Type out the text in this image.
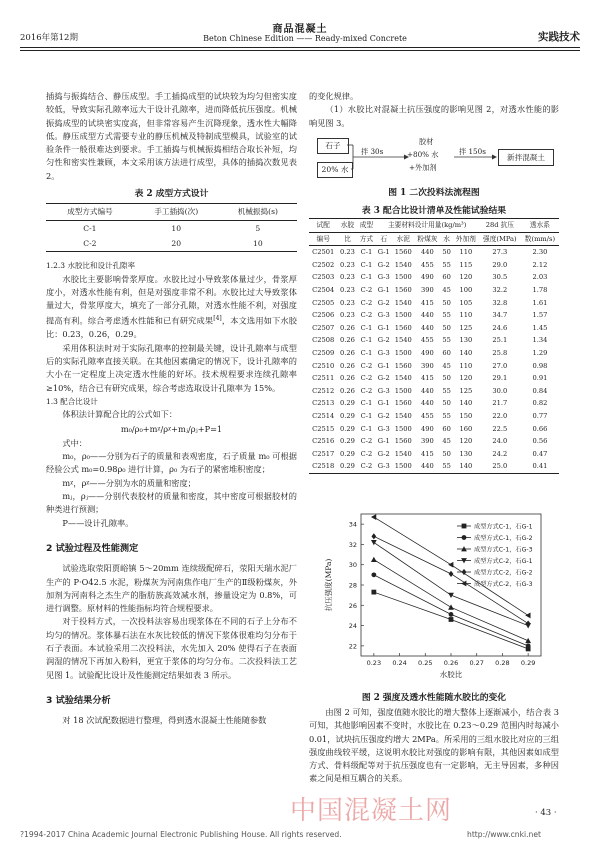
2016年第12期
商品混凝土
Beton Chinese Edition —— Ready-mixed Concrete	实践技术

插捣与振捣结合、静压成型。手工插捣成型的试块较为均匀但密实度较低，导致实际孔隙率远大于设计孔隙率，进而降低抗压强度。机械振捣成型的试块密实度高，但非常容易产生沉降现象，透水性大幅降低。静压成型方式需要专业的静压机械及特制成型模具，试验室的试验条件一般很难达到要求。手工插捣与机械振捣相结合取长补短，均匀性和密实性兼顾，本文采用该方法进行成型，具体的插捣次数见表 2。

表 2 成型方式设计
成型方式编号	手工插捣(次)	机械振捣(s)
C-1	10	5
C-2	20	10
1.2.3 水胶比和设计孔隙率

水胶比主要影响骨浆厚度。水胶比过小导致浆体量过少，骨浆厚度小，对透水性能有利，但是对强度非常不利。水胶比过大导致浆体量过大，骨浆厚度大，填充了一部分孔隙，对透水性能不利，对强度提高有利。综合考虑透水性能和已有研究成果[4]，本文选用如下水胶比：0.23，0.26，0.29。

采用体积法时对于实际孔隙率的控制最关键，设计孔隙率与成型后的实际孔隙率直接关联。在其他因素确定的情况下，设计孔隙率的大小在一定程度上决定透水性能的好坏。技术规程要求连续孔隙率≥10%，结合已有研究成果，综合考虑选取设计孔隙率为 15%。

1.3 配合比设计

体积法计算配合比的公式如下：

m₀/ρ₀+mᵡ/ρᵡ+mⱼ/ρⱼ+P=1

式中：

m₀，ρ₀——分别为石子的质量和表观密度，石子质量 m₀ 可根据经验公式 m₀=0.98ρ₀ 进行计算，ρ₀ 为石子的紧密堆积密度；

mᵡ，ρᵡ——分别为水的质量和密度；

mⱼ，ρⱼ——分别代表胶材的质量和密度，其中密度可根据胶材的种类进行预测；

P——设计孔隙率。

2 试验过程及性能测定

试验选取荥阳贾峪镇 5～20mm 连续级配碎石，荥阳天瑞水泥厂生产的 P·O42.5 水泥，粉煤灰为河南焦作电厂生产的Ⅱ级粉煤灰，外加剂为河南科之杰生产的脂肪族高效减水剂，掺量设定为 0.8%，可进行调整。原材料的性能指标均符合规程要求。

对于投料方式，一次投料法容易出现浆体在不同的石子上分布不均匀的情况。浆体暴石法在水灰比较低的情况下浆体很难均匀分布于石子表面。本试验采用二次投料法，水先加入 20% 使得石子在表面润湿的情况下再加入粉料，更宜于浆体的均匀分布。二次投料法工艺见图 1。试验配比设计及性能测定结果如表 3 所示。

3 试验结果分析

对 18 次试配数据进行整理，得到透水混凝土性能随参数

的变化规律。

（1）水胶比对混凝土抗压强度的影响见图 2，对透水性能的影响见图 3。

石子
20% 水
拌 30s
胶材
+80% 水
+外加剂
拌 150s
新拌混凝土
图 1 二次投料法流程图
表 3 配合比设计清单及性能试验结果
试配	水胶	成型	主要材料设计用量(kg/m³)					28d 抗压	透水系
编号	比	方式	石	水泥	粉煤灰	水	外加剂	强度(MPa)	数(mm/s)
C2501	0.23	C-1	G-1	1560	440	50	110	27.3	2.30
C2502	0.23	C-1	G-2	1540	455	55	115	29.0	2.12
C2503	0.23	C-1	G-3	1500	490	60	120	30.5	2.03
C2504	0.23	C-2	G-1	1560	390	45	100	32.2	1.78
C2505	0.23	C-2	G-2	1540	415	50	105	32.8	1.61
C2506	0.23	C-2	G-3	1500	440	55	110	34.7	1.57
C2507	0.26	C-1	G-1	1560	440	50	125	24.6	1.45
C2508	0.26	C-1	G-2	1540	455	55	130	25.1	1.34
C2509	0.26	C-1	G-3	1500	490	60	140	25.8	1.29
C2510	0.26	C-2	G-1	1560	390	45	110	27.0	0.98
C2511	0.26	C-2	G-2	1540	415	50	120	29.1	0.91
C2512	0.26	C-2	G-3	1500	440	55	125	30.0	0.84
C2513	0.29	C-1	G-1	1560	440	50	140	21.7	0.82
C2514	0.29	C-1	G-2	1540	455	55	150	22.0	0.77
C2515	0.29	C-1	G-3	1500	490	60	160	22.5	0.66
C2516	0.29	C-2	G-1	1560	390	45	120	24.0	0.56
C2517	0.29	C-2	G-2	1540	415	50	130	24.2	0.47
C2518	0.29	C-2	G-3	1500	440	55	140	25.0	0.41
22
24
26
28
30
32
34
0.23 0.24 0.25 0.26 0.27 0.28 0.29
水胶比
抗压强度(MPa)
成型方式C-1，石G-1
成型方式C-1，石G-2
成型方式C-1，石G-3
成型方式C-2，石G-1
成型方式C-2，石G-2
成型方式C-2，石G-3
图 2 强度及透水性能随水胶比的变化

由图 2 可知，强度值随水胶比的增大整体上逐渐减小，结合表 3 可知，其他影响因素不变时，水胶比在 0.23～0.29 范围内时每减小 0.01，试块抗压强度约增大 2MPa。所采用的三组水胶比对应的三组强度曲线较平缓，这说明水胶比对强度的影响有限，其他因素如成型方式、骨料级配等对于抗压强度也有一定影响，无主导因素，多种因素之间是相互耦合的关系。

中国混凝土网	· 43 ·
?1994-2017 China Academic Journal Electronic Publishing House. All rights reserved.	http://www.cnki.net
